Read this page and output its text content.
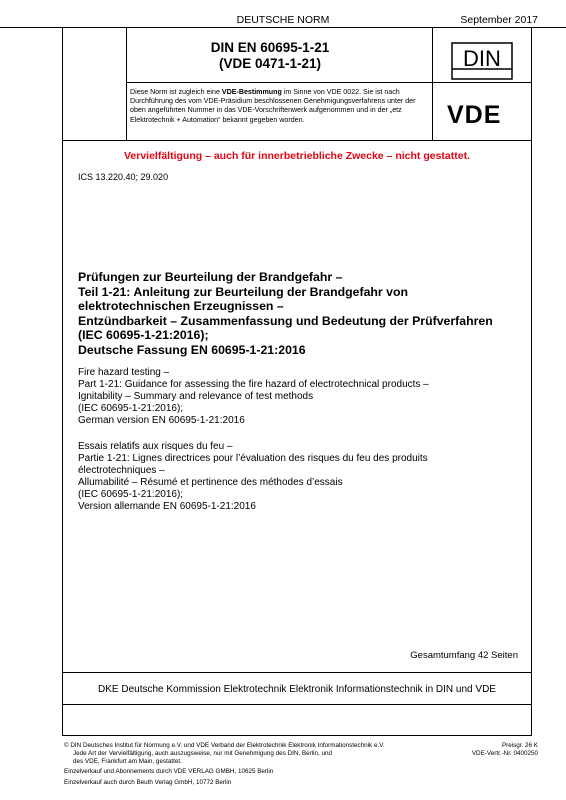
DEUTSCHE NORM	September 2017
DIN EN 60695-1-21
(VDE 0471-1-21)	DIN
Diese Norm ist zugleich eine VDE-Bestimmung im Sinne von VDE 0022. Sie ist nach Durchführung des vom VDE-Präsidium beschlossenen Genehmigungsverfahrens unter der oben angeführten Nummer in das VDE-Vorschriftenwerk aufgenommen und in der „etz Elektrotechnik + Automation“ bekannt gegeben worden.	VDE
Vervielfältigung – auch für innerbetriebliche Zwecke – nicht gestattet.
ICS 13.220.40; 29.020
Prüfungen zur Beurteilung der Brandgefahr –
Teil 1-21: Anleitung zur Beurteilung der Brandgefahr von
elektrotechnischen Erzeugnissen –
Entzündbarkeit – Zusammenfassung und Bedeutung der Prüfverfahren
(IEC 60695-1-21:2016);
Deutsche Fassung EN 60695-1-21:2016
Fire hazard testing –
Part 1-21: Guidance for assessing the fire hazard of electrotechnical products –
Ignitability – Summary and relevance of test methods
(IEC 60695-1-21:2016);
German version EN 60695-1-21:2016
Essais relatifs aux risques du feu –
Partie 1-21: Lignes directrices pour l’évaluation des risques du feu des produits
électrotechniques –
Allumabilité – Résumé et pertinence des méthodes d’essais
(IEC 60695-1-21:2016);
Version allemande EN 60695-1-21:2016
Gesamtumfang 42 Seiten
DKE Deutsche Kommission Elektrotechnik Elektronik Informationstechnik in DIN und VDE
© DIN Deutsches Institut für Normung e.V. und VDE Verband der Elektrotechnik Elektronik Informationstechnik e.V.
Jede Art der Vervielfältigung, auch auszugsweise, nur mit Genehmigung des DIN, Berlin, und
des VDE, Frankfurt am Main, gestattet.
Preisgr. 26 K
VDE-Vertr.-Nr. 0400250
Einzelverkauf und Abonnements durch VDE VERLAG GMBH, 10625 Berlin
Einzelverkauf auch durch Beuth Verlag GmbH, 10772 Berlin
